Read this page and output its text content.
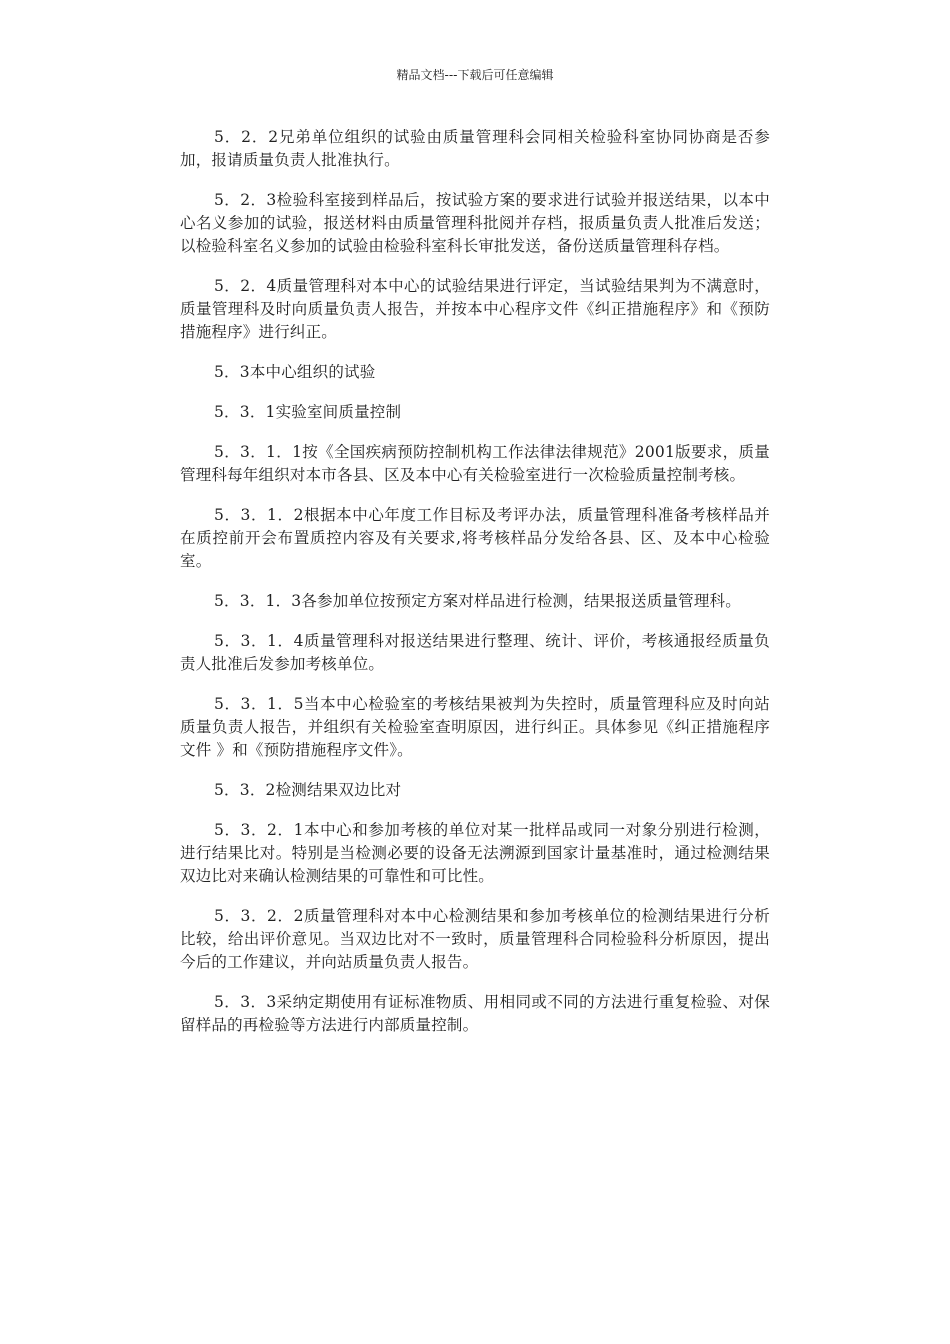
精品文档---下载后可任意编辑

5．2．2兄弟单位组织的试验由质量管理科会同相关检验科室协同协商是否参加，报请质量负责人批准执行。

5．2．3检验科室接到样品后，按试验方案的要求进行试验并报送结果，以本中心名义参加的试验，报送材料由质量管理科批阅并存档，报质量负责人批准后发送；以检验科室名义参加的试验由检验科室科长审批发送，备份送质量管理科存档。

5．2．4质量管理科对本中心的试验结果进行评定，当试验结果判为不满意时，质量管理科及时向质量负责人报告，并按本中心程序文件《纠正措施程序》和《预防措施程序》进行纠正。

5．3本中心组织的试验

5．3．1实验室间质量控制

5．3．1．1按《全国疾病预防控制机构工作法律法律规范》2001版要求，质量管理科每年组织对本市各县、区及本中心有关检验室进行一次检验质量控制考核。

5．3．1．2根据本中心年度工作目标及考评办法，质量管理科准备考核样品并在质控前开会布置质控内容及有关要求,将考核样品分发给各县、区、及本中心检验室。

5．3．1．3各参加单位按预定方案对样品进行检测，结果报送质量管理科。

5．3．1．4质量管理科对报送结果进行整理、统计、评价，考核通报经质量负责人批准后发参加考核单位。

5．3．1．5当本中心检验室的考核结果被判为失控时，质量管理科应及时向站质量负责人报告，并组织有关检验室查明原因，进行纠正。具体参见《纠正措施程序文件 》和《预防措施程序文件》。

5．3．2检测结果双边比对

5．3．2．1本中心和参加考核的单位对某一批样品或同一对象分别进行检测，进行结果比对。特别是当检测必要的设备无法溯源到国家计量基准时，通过检测结果双边比对来确认检测结果的可靠性和可比性。

5．3．2．2质量管理科对本中心检测结果和参加考核单位的检测结果进行分析比较，给出评价意见。当双边比对不一致时，质量管理科合同检验科分析原因，提出今后的工作建议，并向站质量负责人报告。

5．3．3采纳定期使用有证标准物质、用相同或不同的方法进行重复检验、对保留样品的再检验等方法进行内部质量控制。
